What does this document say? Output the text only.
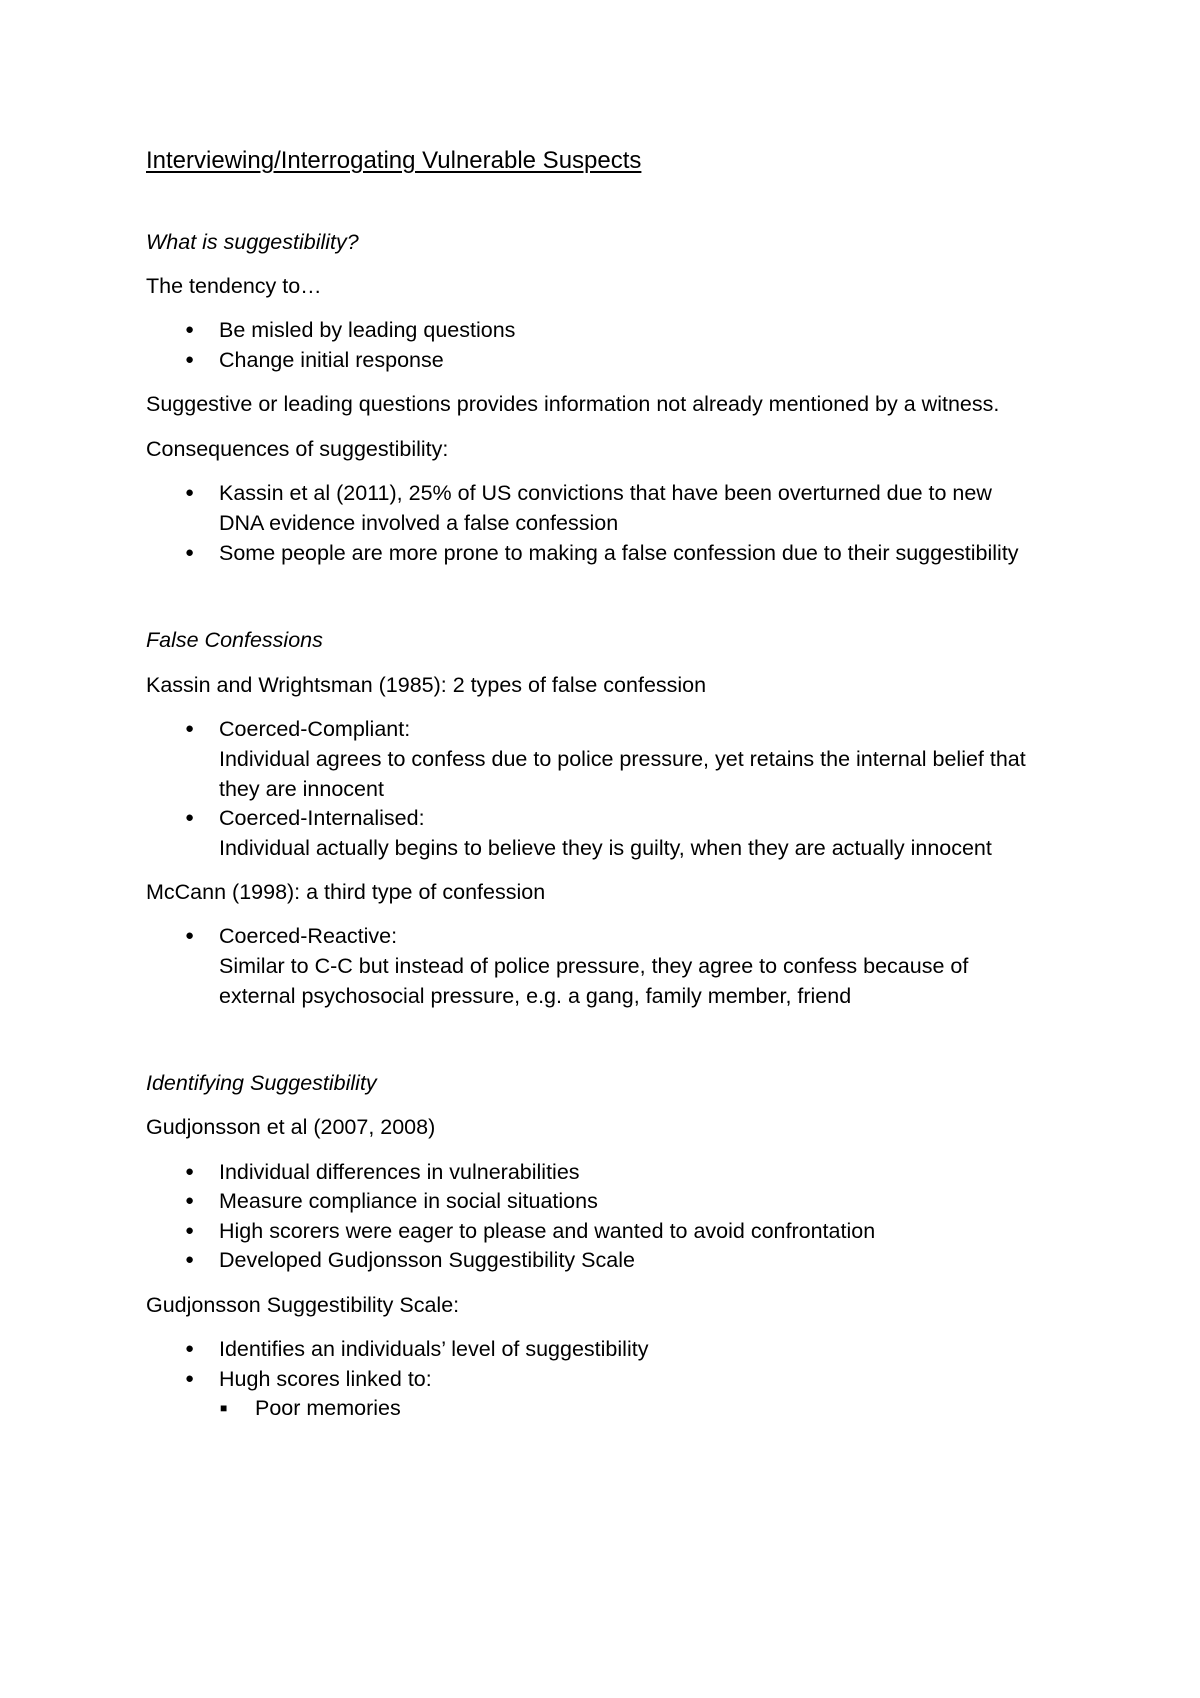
Interviewing/Interrogating Vulnerable Suspects

What is suggestibility?

The tendency to…

● Be misled by leading questions

● Change initial response

Suggestive or leading questions provides information not already mentioned by a witness.

Consequences of suggestibility:

● Kassin et al (2011), 25% of US convictions that have been overturned due to new

DNA evidence involved a false confession

● Some people are more prone to making a false confession due to their suggestibility

False Confessions

Kassin and Wrightsman (1985): 2 types of false confession

● Coerced-Compliant:

Individual agrees to confess due to police pressure, yet retains the internal belief that

they are innocent

● Coerced-Internalised:

Individual actually begins to believe they is guilty, when they are actually innocent

McCann (1998): a third type of confession

● Coerced-Reactive:

Similar to C-C but instead of police pressure, they agree to confess because of

external psychosocial pressure, e.g. a gang, family member, friend

Identifying Suggestibility

Gudjonsson et al (2007, 2008)

● Individual differences in vulnerabilities

● Measure compliance in social situations

● High scorers were eager to please and wanted to avoid confrontation

● Developed Gudjonsson Suggestibility Scale

Gudjonsson Suggestibility Scale:

● Identifies an individuals’ level of suggestibility

● Hugh scores linked to:

■ Poor memories
